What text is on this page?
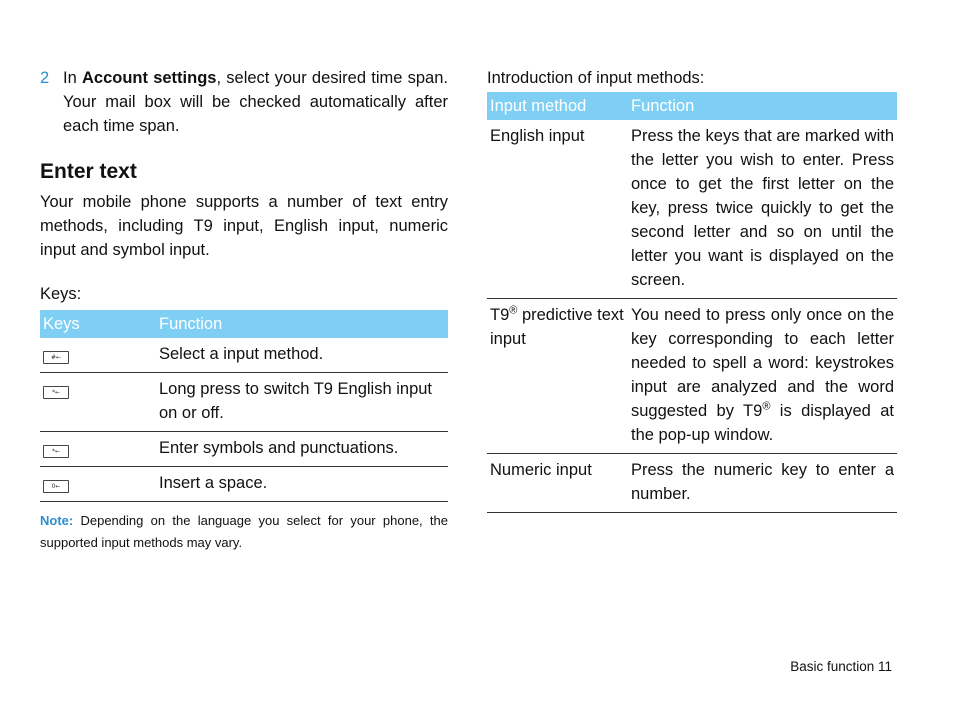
2 In Account settings, select your desired time span. Your mail box will be checked automatically after each time span.
Enter text

Your mobile phone supports a number of text entry methods, including T9 input, English input, numeric input and symbol input.

Keys:

Keys	Function
#←	Select a input method.
*←	Long press to switch T9 English input on or off.
*←	Enter symbols and punctuations.
0←	Insert a space.
Note: Depending on the language you select for your phone, the supported input methods may vary.

Introduction of input methods:

Input method	Function
English input	Press the keys that are marked with the letter you wish to enter. Press once to get the first letter on the key, press twice quickly to get the second letter and so on until the letter you want is displayed on the screen.
T9® predictive text input	You need to press only once on the key corresponding to each letter needed to spell a word: keystrokes input are analyzed and the word suggested by T9® is displayed at the pop-up window.
Numeric input	Press the numeric key to enter a number.
Basic function 11
